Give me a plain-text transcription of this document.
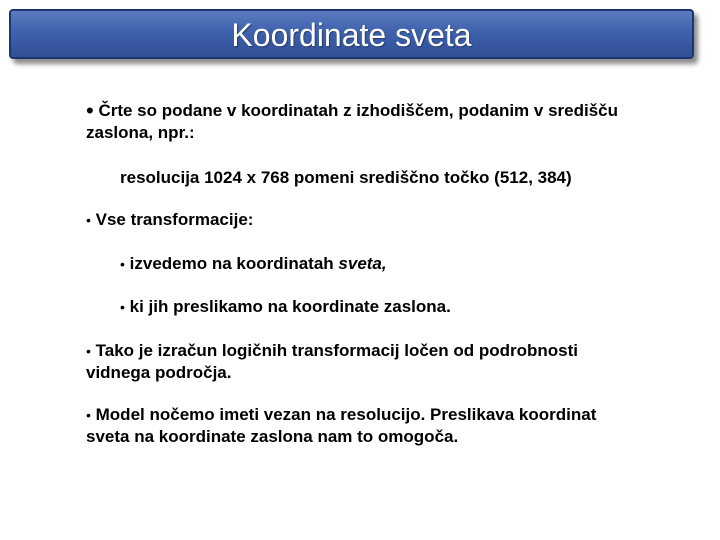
Koordinate sveta
• Črte so podane v koordinatah z izhodiščem, podanim v središču
zaslona, npr.:
resolucija 1024 x 768 pomeni središčno točko (512, 384)
• Vse transformacije:
• izvedemo na koordinatah sveta,
• ki jih preslikamo na koordinate zaslona.
• Tako je izračun logičnih transformacij ločen od podrobnosti
vidnega področja.
• Model nočemo imeti vezan na resolucijo. Preslikava koordinat
sveta na koordinate zaslona nam to omogoča.
